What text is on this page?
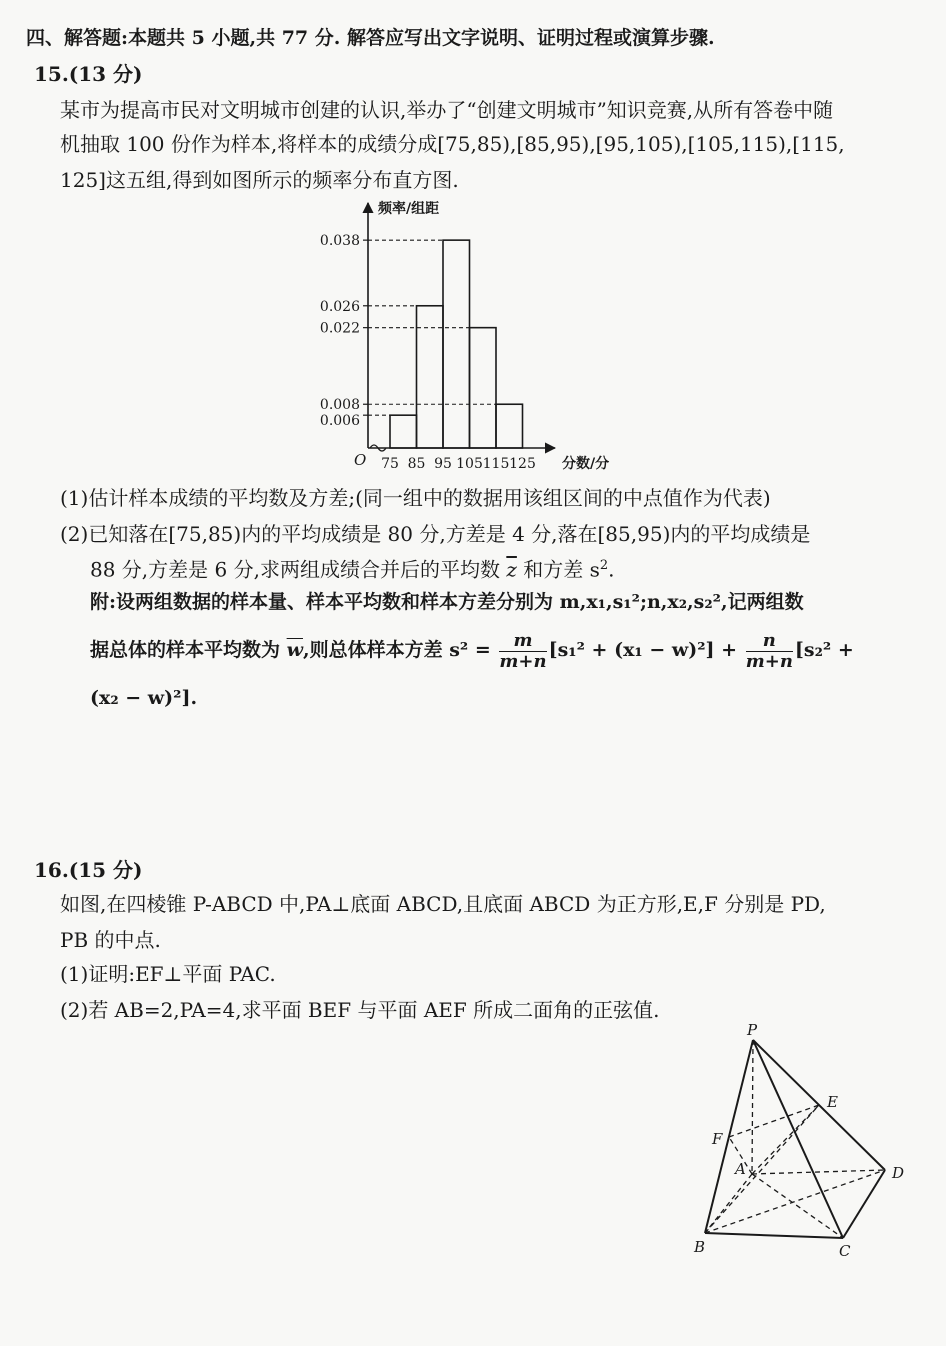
四、解答题:本题共 5 小题,共 77 分. 解答应写出文字说明、证明过程或演算步骤.
15.(13 分)
某市为提高市民对文明城市创建的认识,举办了“创建文明城市”知识竞赛,从所有答卷中随
机抽取 100 份作为样本,将样本的成绩分成[75,85),[85,95),[95,105),[105,115),[115,
125]这五组,得到如图所示的频率分布直方图.
0.038
0.026
0.022
0.008
0.006
75 85 95 105 115 125
频率/组距
分数/分
O
(1)估计样本成绩的平均数及方差;(同一组中的数据用该组区间的中点值作为代表)
(2)已知落在[75,85)内的平均成绩是 80 分,方差是 4 分,落在[85,95)内的平均成绩是
88 分,方差是 6 分,求两组成绩合并后的平均数 $\overline{z}$ 和方差 $s^2$.
附:设两组数据的样本量、样本平均数和样本方差分别为 m,x₁,s₁²;n,x₂,s₂²,记两组数
据总体的样本平均数为 $\overline{w}$,则总体样本方差 $s^2 = \frac{m}{m+n} [s_1^2 + (x_1 - w)^2] + \frac{n}{m+n} [s_2^2$ +
(x₂ − w)²].
16.(15 分)
如图,在四棱锥 P-ABCD 中,PA⊥底面 ABCD,且底面 ABCD 为正方形,E,F 分别是 PD,
PB 的中点.
(1)证明:EF⊥平面 PAC.
(2)若 AB=2,PA=4,求平面 BEF 与平面 AEF 所成二面角的正弦值.
P
E
F
A	D
B	C
